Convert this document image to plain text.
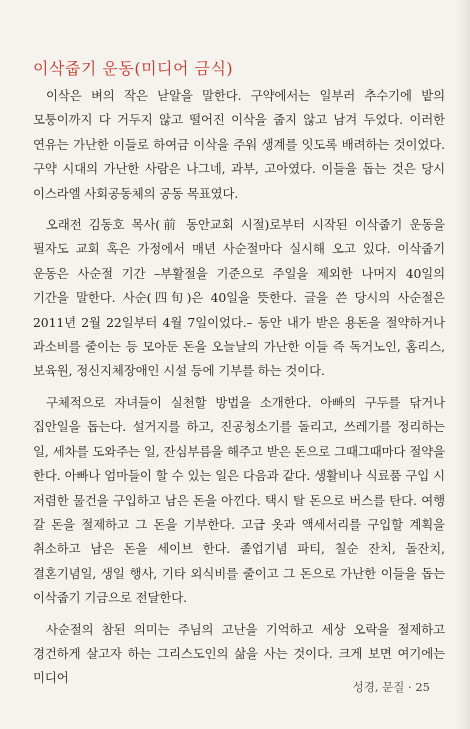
이삭줍기 운동(미디어 금식)

이삭은 벼의 작은 낟알을 말한다. 구약에서는 일부러 추수기에 밭의 모퉁이까지 다 거두지 않고 떨어진 이삭을 줍지 않고 남겨 두었다. 이러한 연유는 가난한 이들로 하여금 이삭을 주워 생계를 잇도록 배려하는 것이었다. 구약 시대의 가난한 사람은 나그네, 과부, 고아였다. 이들을 돕는 것은 당시 이스라엘 사회공동체의 공동 목표였다.

오래전 김동호 목사(前 동안교회 시절)로부터 시작된 이삭줍기 운동을 필자도 교회 혹은 가정에서 매년 사순절마다 실시해 오고 있다. 이삭줍기 운동은 사순절 기간 –부활절을 기준으로 주일을 제외한 나머지 40일의 기간을 말한다. 사순(四旬)은 40일을 뜻한다. 글을 쓴 당시의 사순절은 2011년 2월 22일부터 4월 7일이었다.– 동안 내가 받은 용돈을 절약하거나 과소비를 줄이는 등 모아둔 돈을 오늘날의 가난한 이들 즉 독거노인, 홈리스, 보육원, 정신지체장애인 시설 등에 기부를 하는 것이다.

구체적으로 자녀들이 실천할 방법을 소개한다. 아빠의 구두를 닦거나 집안일을 돕는다. 설거지를 하고, 진공청소기를 돌리고, 쓰레기를 정리하는 일, 세차를 도와주는 일, 잔심부름을 해주고 받은 돈으로 그때그때마다 절약을 한다. 아빠나 엄마들이 할 수 있는 일은 다음과 같다. 생활비나 식료품 구입 시 저렴한 물건을 구입하고 남은 돈을 아낀다. 택시 탈 돈으로 버스를 탄다. 여행 갈 돈을 절제하고 그 돈을 기부한다. 고급 옷과 액세서리를 구입할 계획을 취소하고 남은 돈을 세이브 한다. 졸업기념 파티, 칠순 잔치, 돌잔치, 결혼기념일, 생일 행사, 기타 외식비를 줄이고 그 돈으로 가난한 이들을 돕는 이삭줍기 기금으로 전달한다.

사순절의 참된 의미는 주님의 고난을 기억하고 세상 오락을 절제하고 경건하게 살고자 하는 그리스도인의 삶을 사는 것이다. 크게 보면 여기에는 미디어

성경, 문질 · 25
